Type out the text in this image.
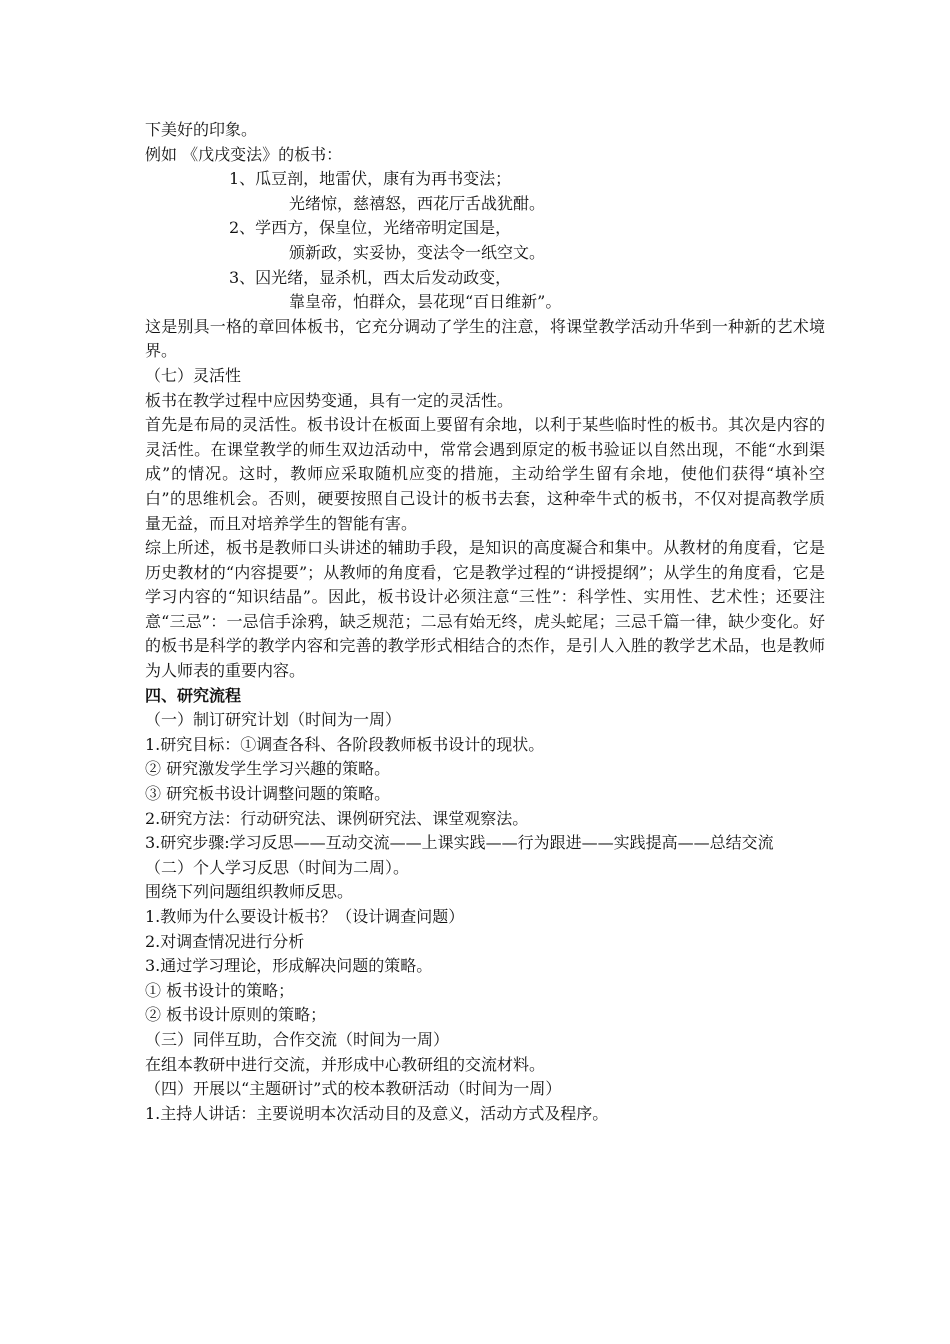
下美好的印象。
例如 《戊戌变法》的板书：
1、瓜豆剖，地雷伏，康有为再书变法；
光绪惊，慈禧怒，西花厅舌战犹酣。
2、学西方，保皇位，光绪帝明定国是，
颁新政，实妥协，变法令一纸空文。
3、囚光绪，显杀机，西太后发动政变，
靠皇帝，怕群众，昙花现“百日维新”。
这是别具一格的章回体板书，它充分调动了学生的注意，将课堂教学活动升华到一种新的艺术境界。
（七）灵活性
板书在教学过程中应因势变通，具有一定的灵活性。
首先是布局的灵活性。板书设计在板面上要留有余地，以利于某些临时性的板书。其次是内容的灵活性。在课堂教学的师生双边活动中，常常会遇到原定的板书验证以自然出现，不能“水到渠成”的情况。这时，教师应采取随机应变的措施，主动给学生留有余地，使他们获得“填补空白”的思维机会。否则，硬要按照自己设计的板书去套，这种牵牛式的板书，不仅对提高教学质量无益，而且对培养学生的智能有害。
综上所述，板书是教师口头讲述的辅助手段，是知识的高度凝合和集中。从教材的角度看，它是历史教材的“内容提要”；从教师的角度看，它是教学过程的“讲授提纲”；从学生的角度看，它是学习内容的“知识结晶”。因此，板书设计必须注意“三性”：科学性、实用性、艺术性；还要注意“三忌”：一忌信手涂鸦，缺乏规范；二忌有始无终，虎头蛇尾；三忌千篇一律，缺少变化。好的板书是科学的教学内容和完善的教学形式相结合的杰作，是引人入胜的教学艺术品，也是教师为人师表的重要内容。
四、研究流程
（一）制订研究计划（时间为一周）
1.研究目标：①调查各科、各阶段教师板书设计的现状。
② 研究激发学生学习兴趣的策略。
③ 研究板书设计调整问题的策略。
2.研究方法：行动研究法、课例研究法、课堂观察法。
3.研究步骤:学习反思——互动交流——上课实践——行为跟进——实践提高——总结交流
（二）个人学习反思（时间为二周）。
围绕下列问题组织教师反思。
1.教师为什么要设计板书？（设计调查问题）
2.对调查情况进行分析
3.通过学习理论，形成解决问题的策略。
① 板书设计的策略；
② 板书设计原则的策略；
（三）同伴互助，合作交流（时间为一周）
在组本教研中进行交流，并形成中心教研组的交流材料。
（四）开展以“主题研讨”式的校本教研活动（时间为一周）
1.主持人讲话：主要说明本次活动目的及意义，活动方式及程序。
